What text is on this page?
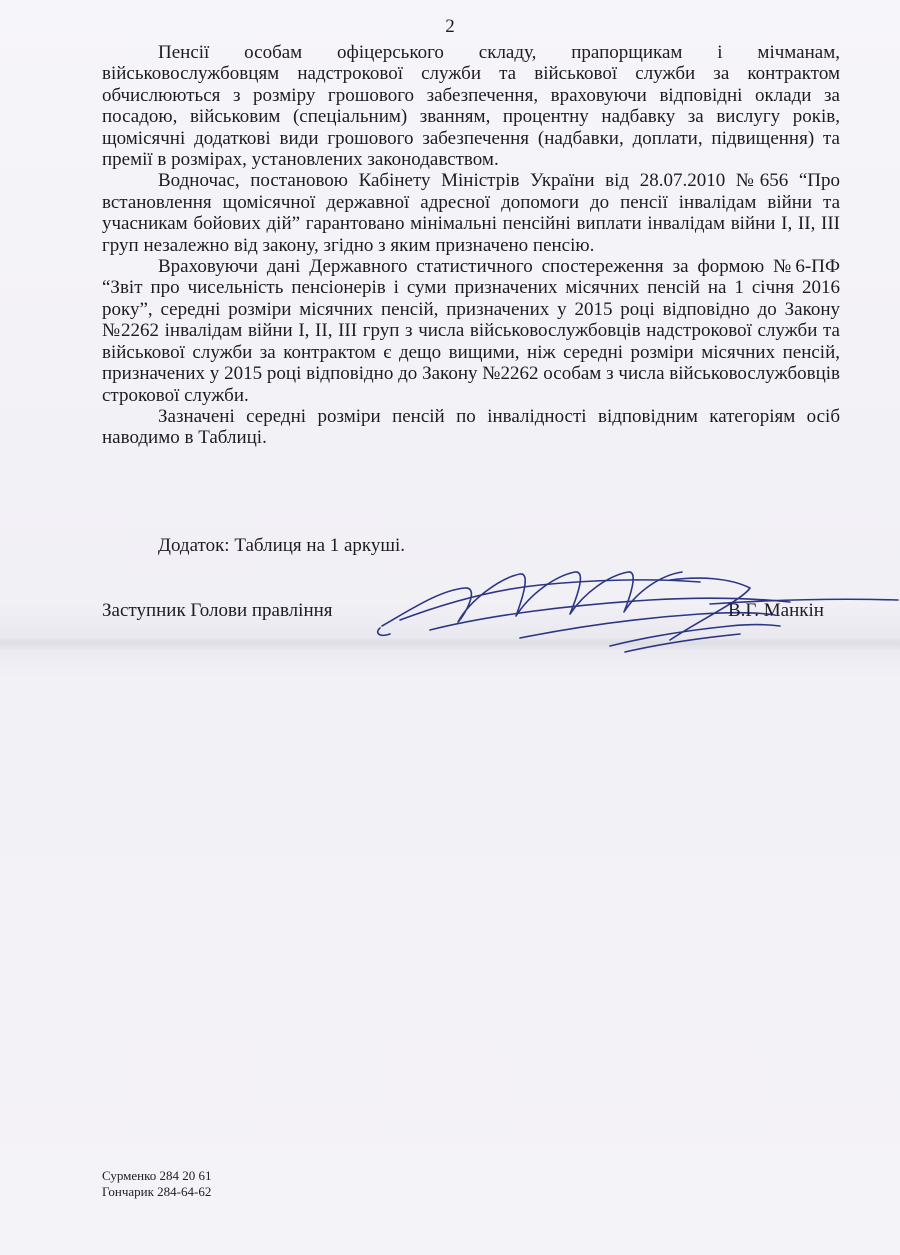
2

Пенсії особам офіцерського складу, прапорщикам і мічманам, військовослужбовцям надстрокової служби та військової служби за контрактом обчислюються з розміру грошового забезпечення, враховуючи відповідні оклади за посадою, військовим (спеціальним) званням, процентну надбавку за вислугу років, щомісячні додаткові види грошового забезпечення (надбавки, доплати, підвищення) та премії в розмірах, установлених законодавством.

Водночас, постановою Кабінету Міністрів України від 28.07.2010 №656 “Про встановлення щомісячної державної адресної допомоги до пенсії інвалідам війни та учасникам бойових дій” гарантовано мінімальні пенсійні виплати інвалідам війни І, ІІ, ІІІ груп незалежно від закону, згідно з яким призначено пенсію.

Враховуючи дані Державного статистичного спостереження за формою №6-ПФ “Звіт про чисельність пенсіонерів і суми призначених місячних пенсій на 1 січня 2016 року”, середні розміри місячних пенсій, призначених у 2015 році відповідно до Закону №2262 інвалідам війни І, ІІ, ІІІ груп з числа військовослужбовців надстрокової служби та військової служби за контрактом є дещо вищими, ніж середні розміри місячних пенсій, призначених у 2015 році відповідно до Закону №2262 особам з числа військовослужбовців строкової служби.

Зазначені середні розміри пенсій по інвалідності відповідним категоріям осіб наводимо в Таблиці.

Додаток: Таблиця на 1 аркуші.
Заступник Голови правління	В.Г. Манкін
Сурменко 284 20 61
Гончарик 284-64-62
